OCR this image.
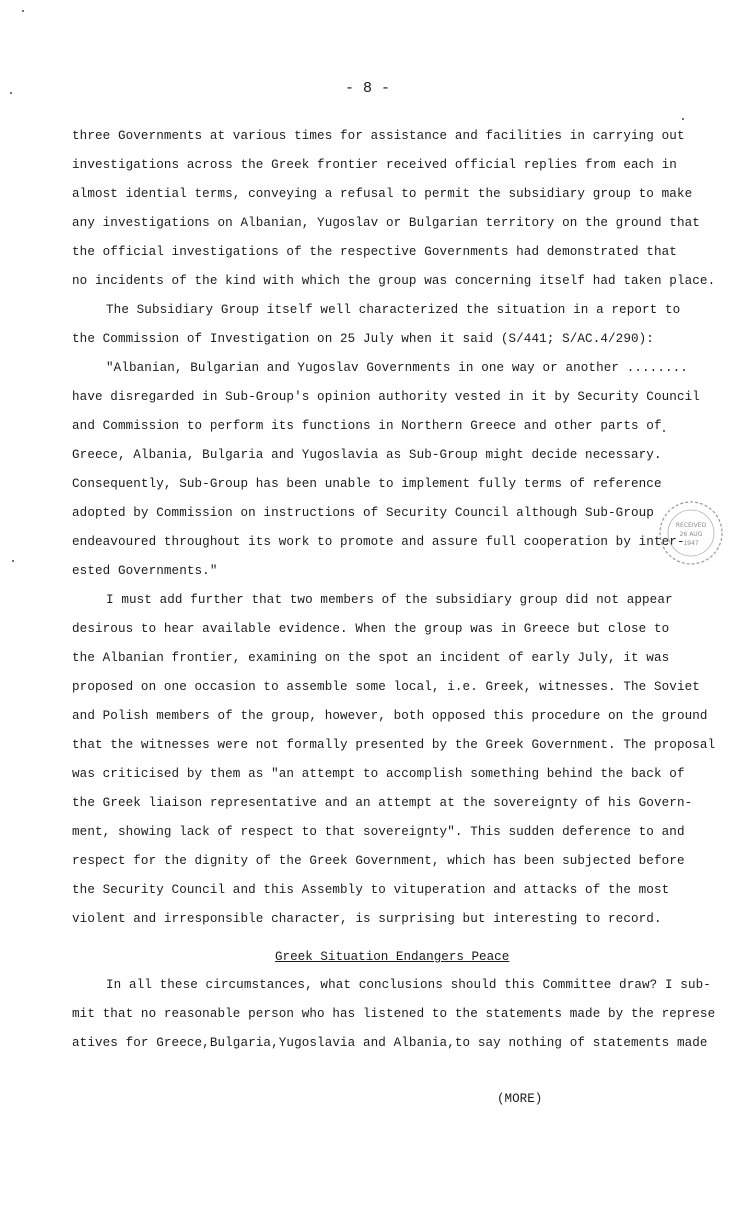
- 8 -
three Governments at various times for assistance and facilities in carrying out
investigations across the Greek frontier received official replies from each in
almost idential terms, conveying a refusal to permit the subsidiary group to make
any investigations on Albanian, Yugoslav or Bulgarian territory on the ground that
the official investigations of the respective Governments had demonstrated that
no incidents of the kind with which the group was concerning itself had taken place.
The Subsidiary Group itself well characterized the situation in a report to
the Commission of Investigation on 25 July when it said (S/441; S/AC.4/290):
"Albanian, Bulgarian and Yugoslav Governments in one way or another ........
have disregarded in Sub-Group's opinion authority vested in it by Security Council
and Commission to perform its functions in Northern Greece and other parts of
Greece, Albania, Bulgaria and Yugoslavia as Sub-Group might decide necessary.
Consequently, Sub-Group has been unable to implement fully terms of reference
adopted by Commission on instructions of Security Council although Sub-Group
endeavoured throughout its work to promote and assure full cooperation by inter-
ested Governments."
I must add further that two members of the subsidiary group did not appear
desirous to hear available evidence. When the group was in Greece but close to
the Albanian frontier, examining on the spot an incident of early July, it was
proposed on one occasion to assemble some local, i.e. Greek, witnesses. The Soviet
and Polish members of the group, however, both opposed this procedure on the ground
that the witnesses were not formally presented by the Greek Government. The proposal
was criticised by them as "an attempt to accomplish something behind the back of
the Greek liaison representative and an attempt at the sovereignty of his Govern-
ment, showing lack of respect to that sovereignty". This sudden deference to and
respect for the dignity of the Greek Government, which has been subjected before
the Security Council and this Assembly to vituperation and attacks of the most
violent and irresponsible character, is surprising but interesting to record.
Greek Situation Endangers Peace
In all these circumstances, what conclusions should this Committee draw? I sub-
mit that no reasonable person who has listened to the statements made by the represe
atives for Greece,Bulgaria,Yugoslavia and Albania,to say nothing of statements made
(MORE)
RECEIVED
26 AUG
1947
